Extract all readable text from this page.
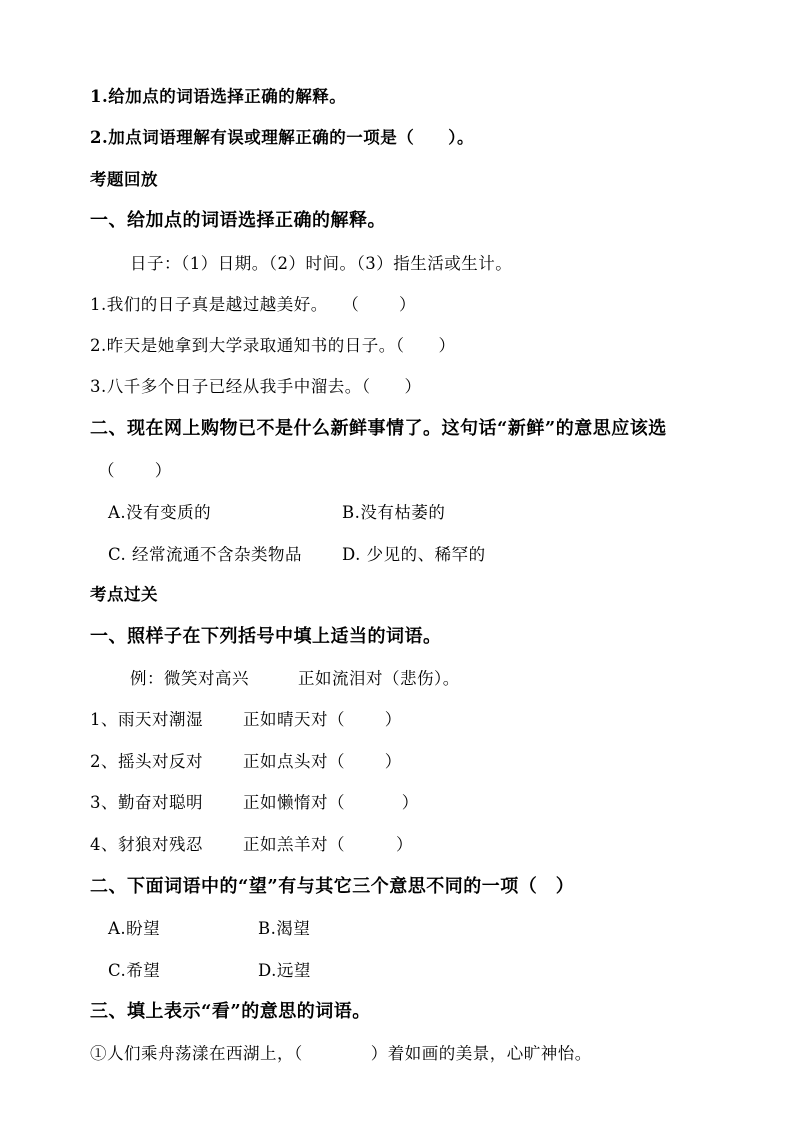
1.给加点的词语选择正确的解释。
2.加点词语理解有误或理解正确的一项是（　　）。
考题回放
一、给加点的词语选择正确的解释。
日子：（1）日期。（2）时间。（3）指生活或生计。
1.我们的日子真是越过越美好。　 （　　 ）
2.昨天是她拿到大学录取通知书的日子。（　　）
3.八千多个日子已经从我手中溜去。（　　）
二、现在网上购物已不是什么新鲜事情了。这句话“新鲜”的意思应该选
（　　 ）
A.没有变质的	B.没有枯萎的
C. 经常流通不含杂类物品 D. 少见的、稀罕的
考点过关
一、照样子在下列括号中填上适当的词语。
例：微笑对高兴	正如流泪对（悲伤）。
1、雨天对潮湿 正如晴天对（　　 ）
2、摇头对反对 正如点头对（　　 ）
3、勤奋对聪明 正如懒惰对（　　　 ）
4、豺狼对残忍 正如羔羊对（　　　）
二、下面词语中的“望”有与其它三个意思不同的一项（　）
A.盼望	B.渴望
C.希望	D.远望
三、填上表示“看”的意思的词语。
①人们乘舟荡漾在西湖上，（　　　　）着如画的美景，心旷神怡。
